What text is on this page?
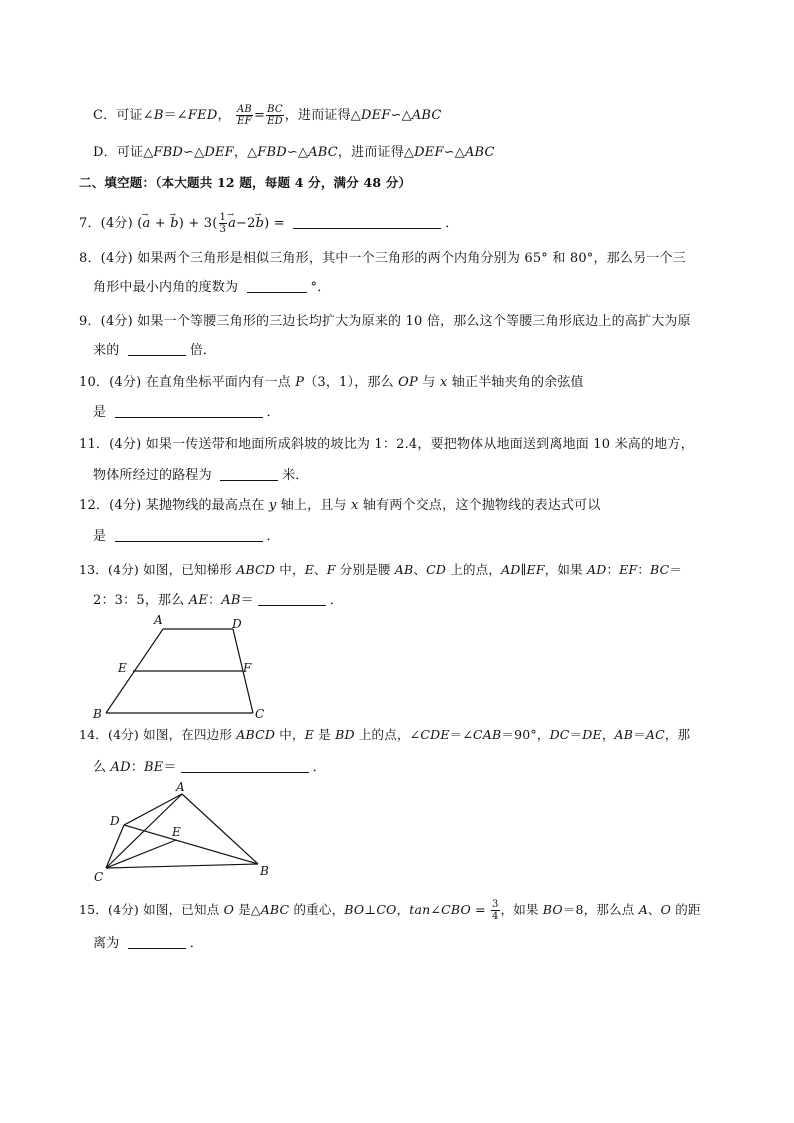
C．可证∠B＝∠FED， $\frac{AB}{EF} = \frac{BC}{ED}$ ，进而证得△DEF∽△ABC
D．可证△FBD∽△DEF，△FBD∽△ABC，进而证得△DEF∽△ABC
二、填空题：（本大题共 12 题，每题 4 分，满分 48 分）
7．(4分) (→ a + → $b) + 3( \frac{1}{3}$
→ a−2→ b) =	．
8．(4分) 如果两个三角形是相似三角形，其中一个三角形的两个内角分别为 65° 和 80°，那么另一个三
角形中最小内角的度数为	°．
9．(4分) 如果一个等腰三角形的三边长均扩大为原来的 10 倍，那么这个等腰三角形底边上的高扩大为原
来的	倍．
10．(4分) 在直角坐标平面内有一点 P（3，1），那么 OP 与 x 轴正半轴夹角的余弦值
是	．
11．(4分) 如果一传送带和地面所成斜坡的坡比为 1：2.4，要把物体从地面送到离地面 10 米高的地方，
物体所经过的路程为	米．
12．(4分) 某抛物线的最高点在 y 轴上，且与 x 轴有两个交点，这个抛物线的表达式可以
是	．
13．(4分) 如图，已知梯形 ABCD 中，E、F 分别是腰 AB、CD 上的点，AD∥EF，如果 AD：EF：BC＝
2：3：5，那么 AE：AB＝	．
A	D
E	F
B	C
14．(4分) 如图，在四边形 ABCD 中，E 是 BD 上的点，∠CDE＝∠CAB＝90°，DC＝DE，AB＝AC，那
么 AD：BE＝	．
A
D
E
C	B
15．(4分) 如图，已知点 O 是△ABC 的重心，BO⊥CO，tan∠CBO = $\frac{3}{4}$ ，如果 BO＝8，那么点 A、O 的距
离为	．
